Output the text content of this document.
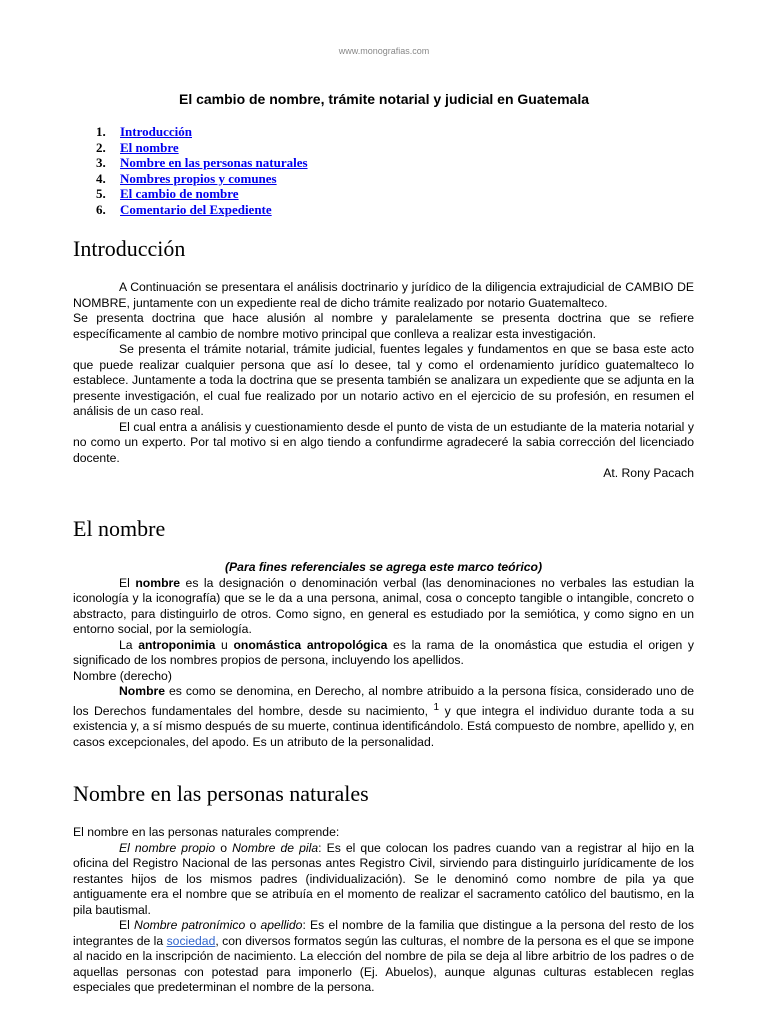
www.monografias.com
El cambio de nombre, trámite notarial y judicial en Guatemala
1.	Introducción
2.	El nombre
3.	Nombre en las personas naturales
4.	Nombres propios y comunes
5.	El cambio de nombre
6.	Comentario del Expediente
Introducción

A Continuación se presentara el análisis doctrinario y jurídico de la diligencia extrajudicial de CAMBIO DE NOMBRE, juntamente con un expediente real de dicho trámite realizado por notario Guatemalteco.

Se presenta doctrina que hace alusión al nombre y paralelamente se presenta doctrina que se refiere específicamente al cambio de nombre motivo principal que conlleva a realizar esta investigación.

Se presenta el trámite notarial, trámite judicial, fuentes legales y fundamentos en que se basa este acto que puede realizar cualquier persona que así lo desee, tal y como el ordenamiento jurídico guatemalteco lo establece. Juntamente a toda la doctrina que se presenta también se analizara un expediente que se adjunta en la presente investigación, el cual fue realizado por un notario activo en el ejercicio de su profesión, en resumen el análisis de un caso real.

El cual entra a análisis y cuestionamiento desde el punto de vista de un estudiante de la materia notarial y no como un experto. Por tal motivo si en algo tiendo a confundirme agradeceré la sabia corrección del licenciado docente.

At. Rony Pacach

El nombre

(Para fines referenciales se agrega este marco teórico)

El nombre es la designación o denominación verbal (las denominaciones no verbales las estudian la iconología y la iconografía) que se le da a una persona, animal, cosa o concepto tangible o intangible, concreto o abstracto, para distinguirlo de otros. Como signo, en general es estudiado por la semiótica, y como signo en un entorno social, por la semiología.

La antroponimia u onomástica antropológica es la rama de la onomástica que estudia el origen y significado de los nombres propios de persona, incluyendo los apellidos.

Nombre (derecho)

Nombre es como se denomina, en Derecho, al nombre atribuido a la persona física, considerado uno de los Derechos fundamentales del hombre, desde su nacimiento, $^1$ y que integra el individuo durante toda a su existencia y, a sí mismo después de su muerte, continua identificándolo. Está compuesto de nombre, apellido y, en casos excepcionales, del apodo. Es un atributo de la personalidad.

Nombre en las personas naturales

El nombre en las personas naturales comprende:

El nombre propio o Nombre de pila: Es el que colocan los padres cuando van a registrar al hijo en la oficina del Registro Nacional de las personas antes Registro Civil, sirviendo para distinguirlo jurídicamente de los restantes hijos de los mismos padres (individualización). Se le denominó como nombre de pila ya que antiguamente era el nombre que se atribuía en el momento de realizar el sacramento católico del bautismo, en la pila bautismal.

El Nombre patronímico o apellido: Es el nombre de la familia que distingue a la persona del resto de los integrantes de la sociedad, con diversos formatos según las culturas, el nombre de la persona es el que se impone al nacido en la inscripción de nacimiento. La elección del nombre de pila se deja al libre arbitrio de los padres o de aquellas personas con potestad para imponerlo (Ej. Abuelos), aunque algunas culturas establecen reglas especiales que predeterminan el nombre de la persona.
